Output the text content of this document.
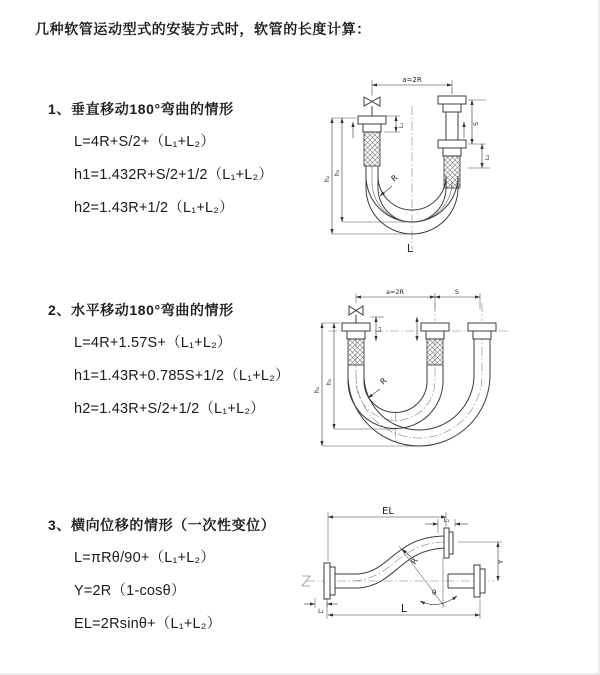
几种软管运动型式的安装方式时，软管的长度计算：
1、垂直移动180°弯曲的情形
L=4R+S/2+（L₁+L₂）
h1=1.432R+S/2+1/2（L₁+L₂）
h2=1.43R+1/2（L₁+L₂）
2、水平移动180°弯曲的情形
L=4R+1.57S+（L₁+L₂）
h1=1.43R+0.785S+1/2（L₁+L₂）
h2=1.43R+S/2+1/2（L₁+L₂）
3、横向位移的情形（一次性变位）
L=πRθ/90+（L₁+L₂）
Y=2R（1-cosθ）
EL=2Rsinθ+（L₁+L₂）
a=2R
h₂
h₁
L₁	S
L₂
R
L
a=2R	S
h₂
h₁
L₁
R
EL
L₁
Y
θ
R
L
L₁
